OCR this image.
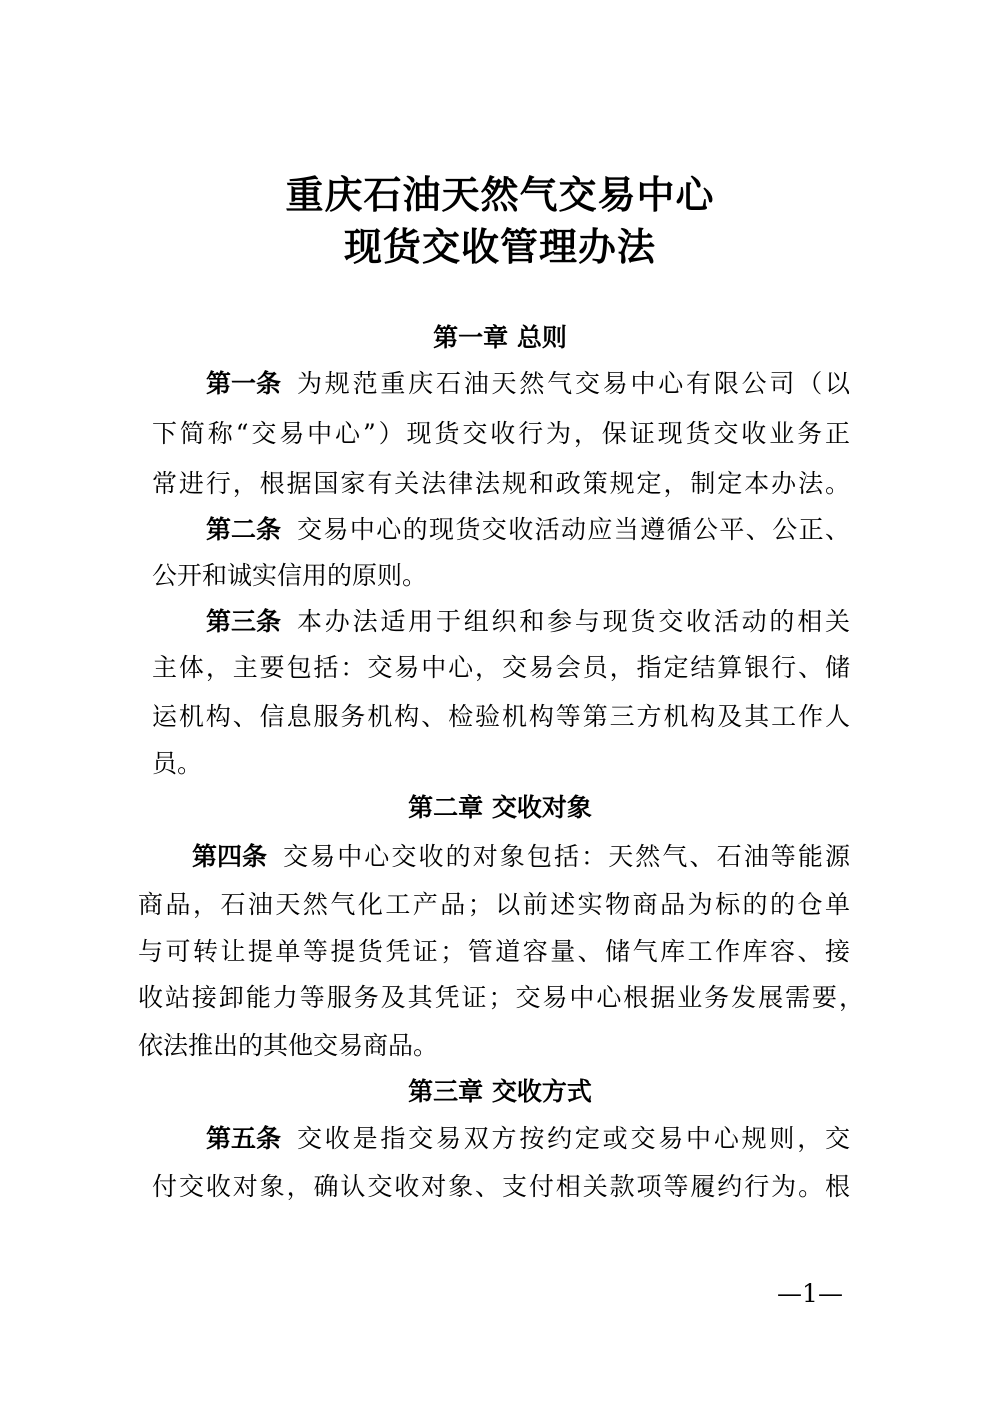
重庆石油天然气交易中心
现货交收管理办法
第一章 总则
第一条 为规范重庆石油天然气交易中心有限公司（以
下简称“交易中心”）现货交收行为，保证现货交收业务正
常进行，根据国家有关法律法规和政策规定，制定本办法。
第二条 交易中心的现货交收活动应当遵循公平、公正、
公开和诚实信用的原则。
第三条 本办法适用于组织和参与现货交收活动的相关
主体，主要包括：交易中心，交易会员，指定结算银行、储
运机构、信息服务机构、检验机构等第三方机构及其工作人
员。
第二章 交收对象
第四条 交易中心交收的对象包括：天然气、石油等能源
商品，石油天然气化工产品；以前述实物商品为标的的仓单
与可转让提单等提货凭证；管道容量、储气库工作库容、接
收站接卸能力等服务及其凭证；交易中心根据业务发展需要，
依法推出的其他交易商品。
第三章 交收方式
第五条 交收是指交易双方按约定或交易中心规则，交
付交收对象，确认交收对象、支付相关款项等履约行为。根
—1—
